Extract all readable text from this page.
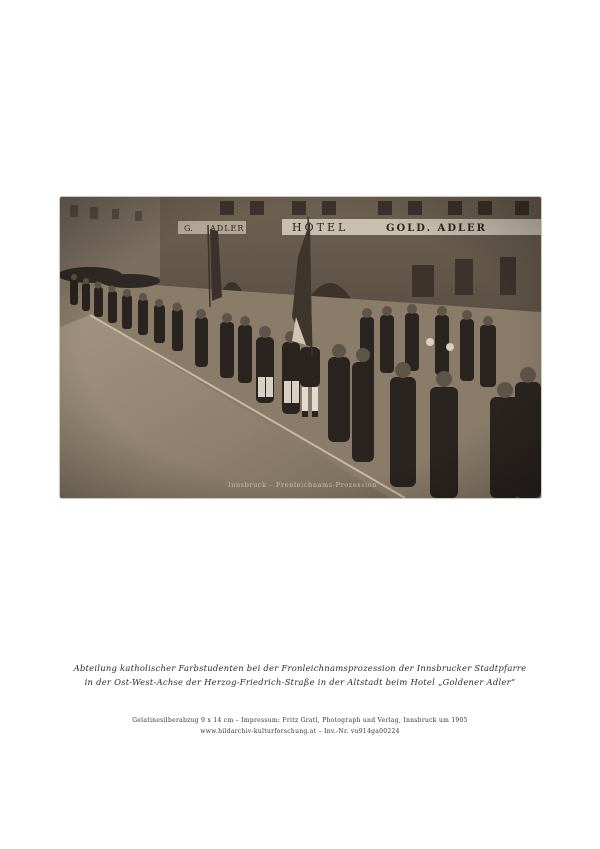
Abteilung katholischer Farbstudenten bei der Fronleichnamsprozession der Innsbrucker Stadtpfarre
in der Ost-West-Achse der Herzog-Friedrich-Straße in der Altstadt beim Hotel „Goldener Adler“
Gelatinesilberabzug 9 x 14 cm – Impressum: Fritz Gratl, Photograph und Verlag, Innsbruck um 1905
www.bildarchiv-kulturforschung.at – Inv.-Nr. vu914ga00224
